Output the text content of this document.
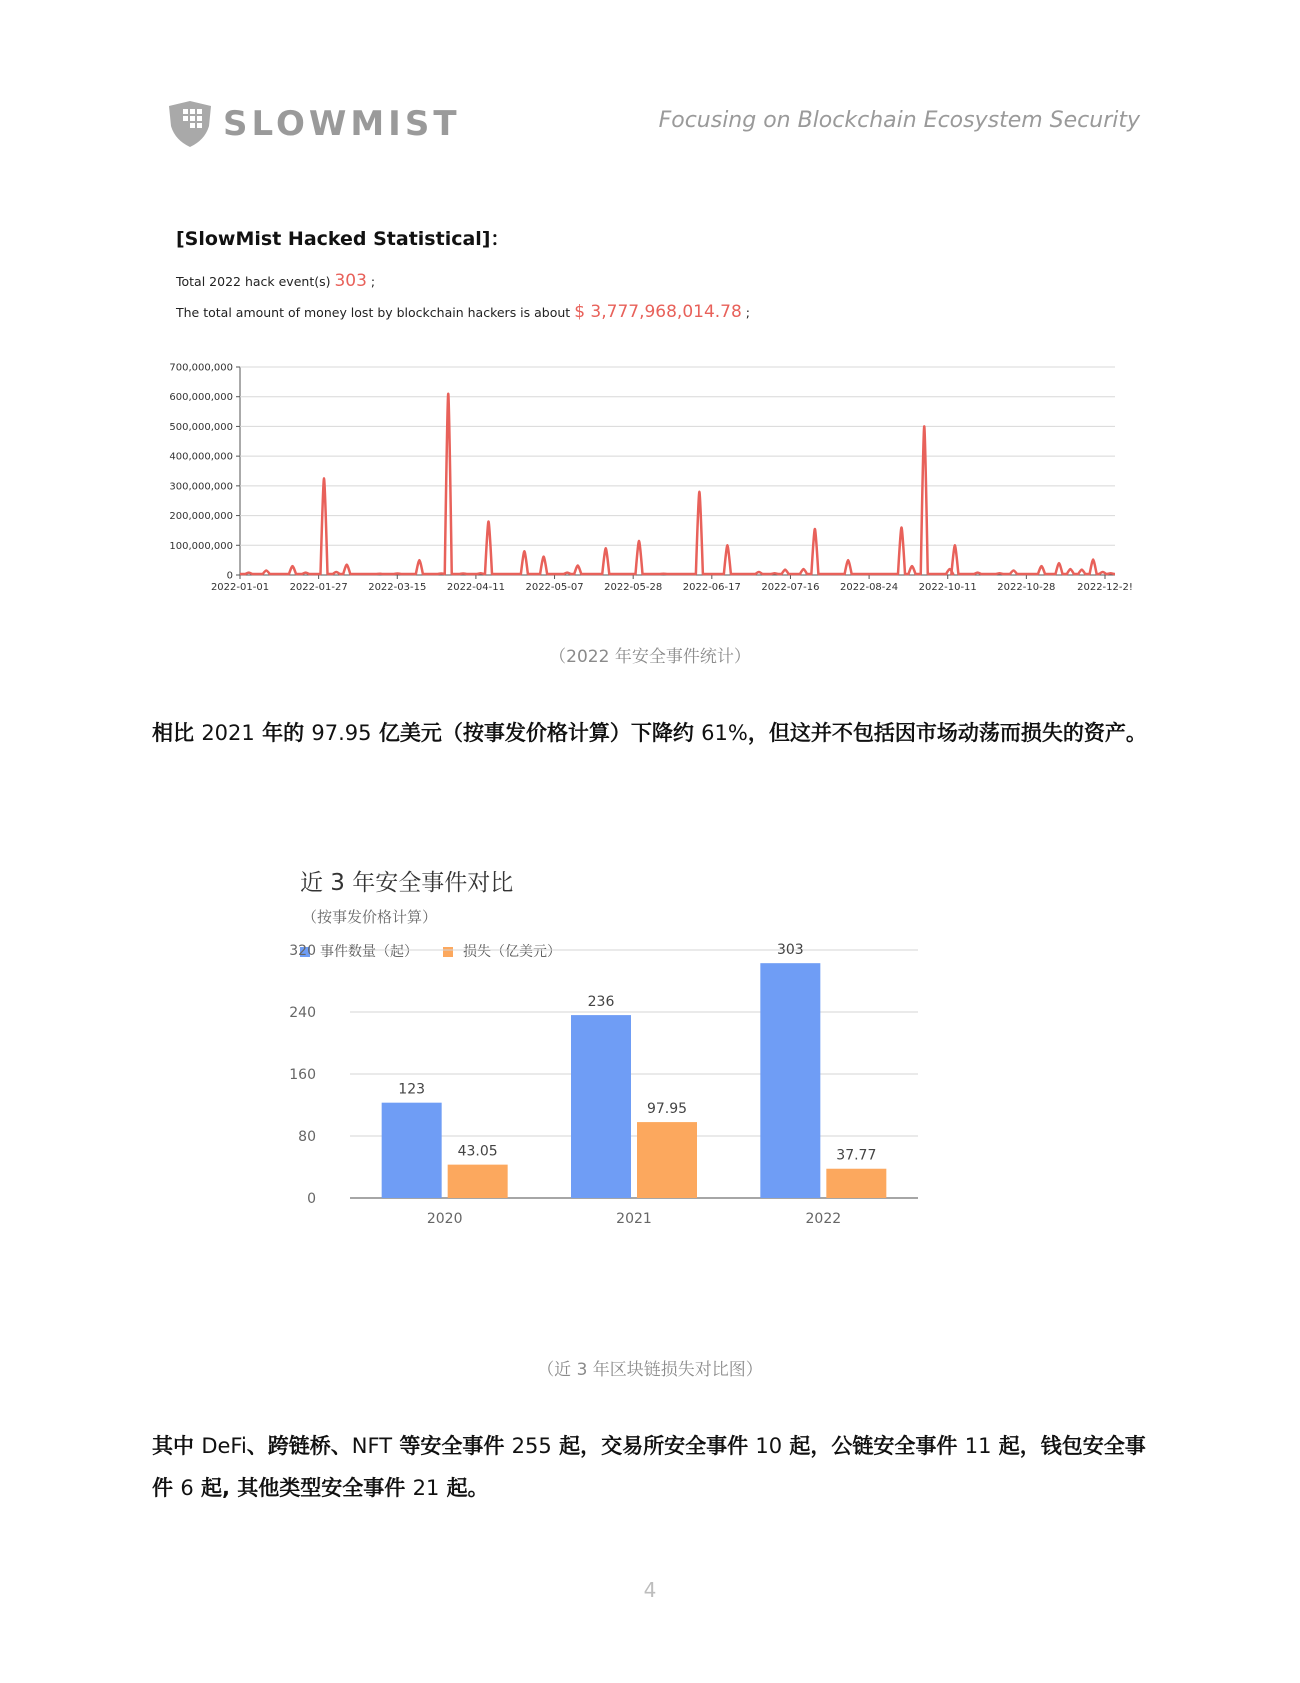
SLOWMIST	Focusing on Blockchain Ecosystem Security

[SlowMist Hacked Statistical]：

Total 2022 hack event(s) 303 ;

The total amount of money lost by blockchain hackers is about $ 3,777,968,014.78 ;

700,000,000
600,000,000
500,000,000
400,000,000
300,000,000
200,000,000
100,000,000
0
2022-01-01 2022-01-27 2022-03-15 2022-04-11 2022-05-07 2022-05-28 2022-06-17 2022-07-16 2022-08-24 2022-10-11 2022-10-28 2022-12-2!
（2022 年安全事件统计）
相比 2021 年的 97.95 亿美元（按事发价格计算）下降约 61%，但这并不包括因市场动荡而损失的资产。
近 3 年安全事件对比
（按事发价格计算）
事件数量（起）	损失（亿美元）
0
80
160
240
320
123
43.05
2020
236
97.95
2021
303
37.77
2022
（近 3 年区块链损失对比图）
其中 DeFi、跨链桥、NFT 等安全事件 255 起，交易所安全事件 10 起，公链安全事件 11 起，钱包安全事件 6 起, 其他类型安全事件 21 起。
4
